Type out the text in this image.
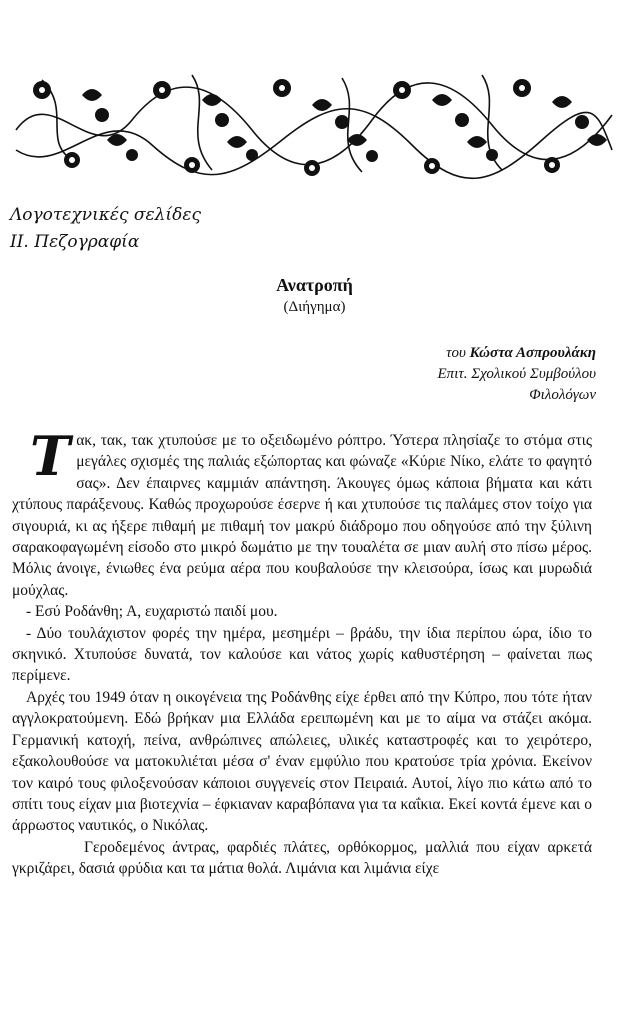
Λογοτεχνικές σελίδες
ΙΙ. Πεζογραφία
Ανατροπή
(Διήγημα)
του Κώστα Ασπρουλάκη
Επιτ. Σχολικού Συμβούλου
Φιλολόγων

Τακ, τακ, τακ χτυπούσε με το οξειδωμένο ρόπτρο. Ύστερα πλησίαζε το στόμα στις μεγάλες σχισμές της παλιάς εξώπορτας και φώναζε «Κύριε Νίκο, ελάτε το φαγητό σας». Δεν έπαιρνες καμμιάν απάντηση. Άκουγες όμως κάποια βήματα και κάτι χτύπους παράξενους. Καθώς προχωρούσε έσερνε ή και χτυπούσε τις παλάμες στον τοίχο για σιγουριά, κι ας ήξερε πιθαμή με πιθαμή τον μακρύ διάδρομο που οδηγούσε από την ξύλινη σαρακοφαγωμένη είσοδο στο μικρό δωμάτιο με την τουαλέτα σε μιαν αυλή στο πίσω μέρος. Μόλις άνοιγε, ένιωθες ένα ρεύμα αέρα που κουβαλούσε την κλεισούρα, ίσως και μυρωδιά μούχλας.

- Εσύ Ροδάνθη; Α, ευχαριστώ παιδί μου.

- Δύο τουλάχιστον φορές την ημέρα, μεσημέρι – βράδυ, την ίδια περίπου ώρα, ίδιο το σκηνικό. Χτυπούσε δυνατά, τον καλούσε και νάτος χωρίς καθυστέρηση – φαίνεται πως περίμενε.

Αρχές του 1949 όταν η οικογένεια της Ροδάνθης είχε έρθει από την Κύπρο, που τότε ήταν αγγλοκρατούμενη. Εδώ βρήκαν μια Ελλάδα ερειπωμένη και με το αίμα να στάζει ακόμα. Γερμανική κατοχή, πείνα, ανθρώπινες απώλειες, υλικές καταστροφές και το χειρότερο, εξακολουθούσε να ματοκυλιέται μέσα σ' έναν εμφύλιο που κρατούσε τρία χρόνια. Εκείνον τον καιρό τους φιλοξενούσαν κάποιοι συγγενείς στον Πειραιά. Αυτοί, λίγο πιο κάτω από το σπίτι τους είχαν μια βιοτεχνία – έφκιαναν καραβόπανα για τα καΐκια. Εκεί κοντά έμενε και ο άρρωστος ναυτικός, ο Νικόλας.

Γεροδεμένος άντρας, φαρδιές πλάτες, ορθόκορμος, μαλλιά που είχαν αρκετά γκριζάρει, δασιά φρύδια και τα μάτια θολά. Λιμάνια και λιμάνια είχε
